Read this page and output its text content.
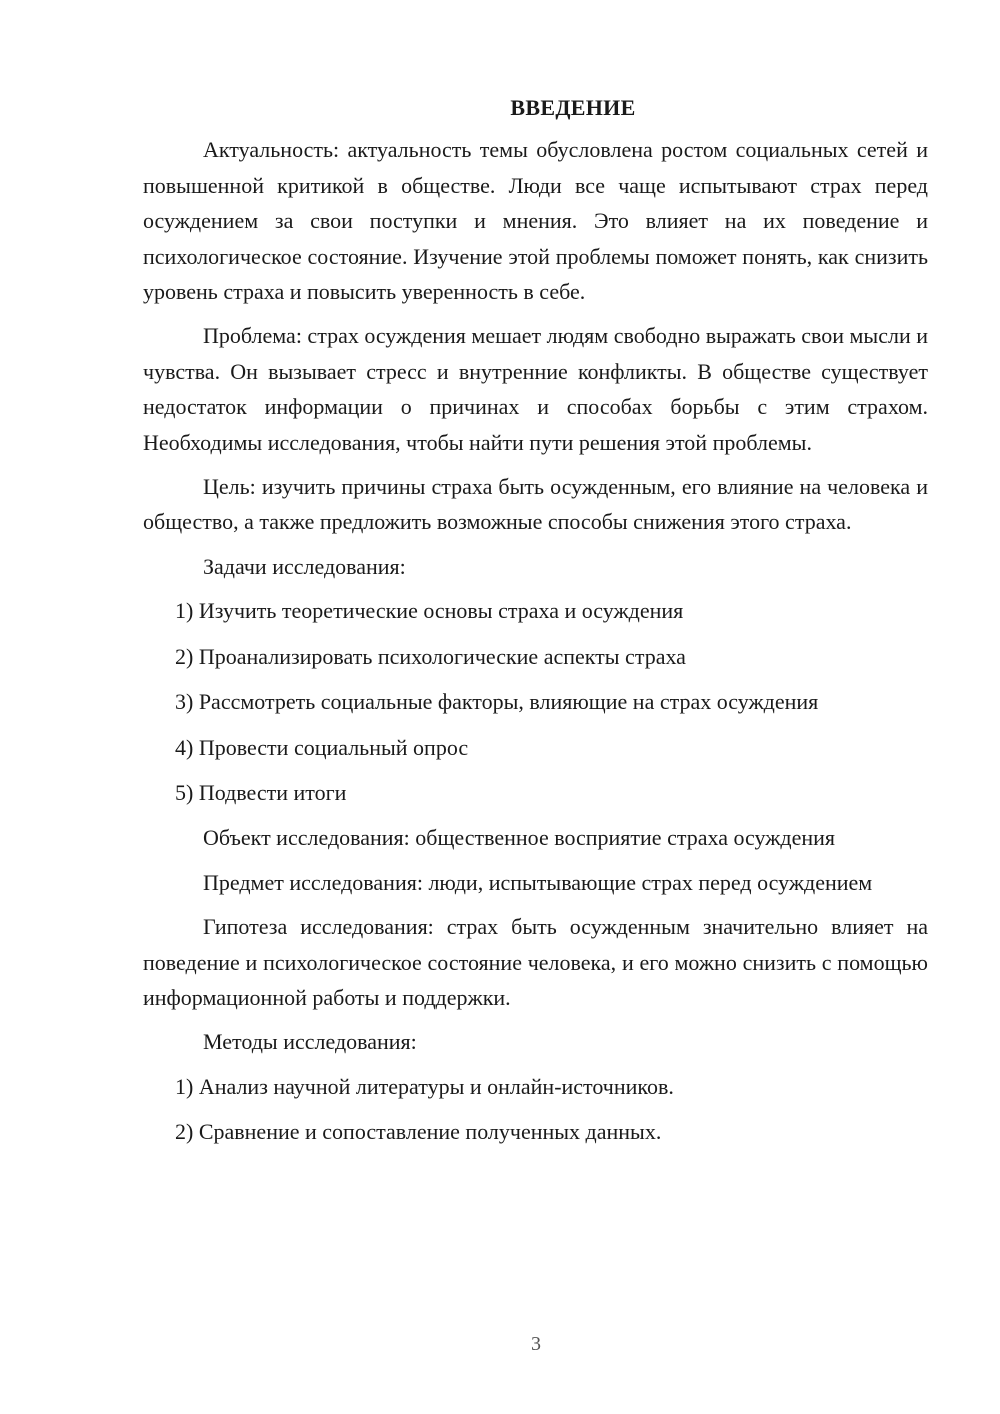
ВВЕДЕНИЕ

Актуальность: актуальность темы обусловлена ростом социальных сетей и повышенной критикой в обществе. Люди все чаще испытывают страх перед осуждением за свои поступки и мнения. Это влияет на их поведение и психологическое состояние. Изучение этой проблемы поможет понять, как снизить уровень страха и повысить уверенность в себе.

Проблема: страх осуждения мешает людям свободно выражать свои мысли и чувства. Он вызывает стресс и внутренние конфликты. В обществе существует недостаток информации о причинах и способах борьбы с этим страхом. Необходимы исследования, чтобы найти пути решения этой проблемы.

Цель: изучить причины страха быть осужденным, его влияние на человека и общество, а также предложить возможные способы снижения этого страха.

Задачи исследования:

1) Изучить теоретические основы страха и осуждения
2) Проанализировать психологические аспекты страха
3) Рассмотреть социальные факторы, влияющие на страх осуждения
4) Провести социальный опрос
5) Подвести итоги

Объект исследования: общественное восприятие страха осуждения

Предмет исследования: люди, испытывающие страх перед осуждением

Гипотеза исследования: страх быть осужденным значительно влияет на поведение и психологическое состояние человека, и его можно снизить с помощью информационной работы и поддержки.

Методы исследования:

1) Анализ научной литературы и онлайн-источников.
2) Сравнение и сопоставление полученных данных.
3
